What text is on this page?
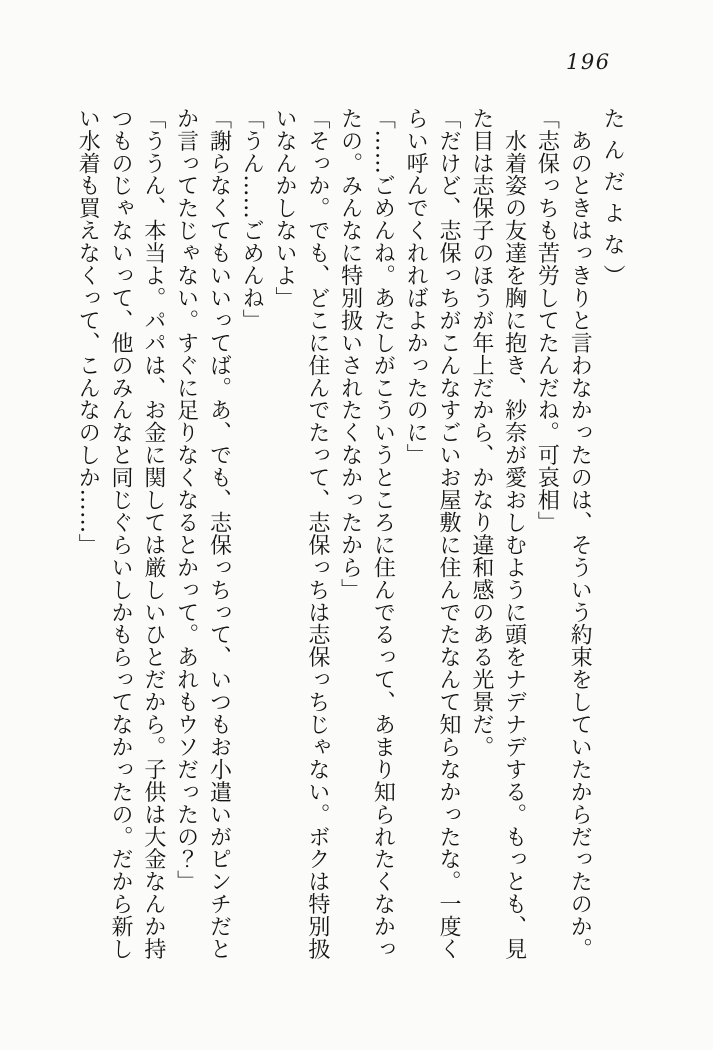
196

たんだよな）

　あのときはっきりと言わなかったのは、そういう約束をしていたからだったのか。

「志保っちも苦労してたんだね。可哀相」

　水着姿の友達を胸に抱き、紗奈が愛おしむように頭をナデナデする。もっとも、見

た目は志保子のほうが年上だから、かなり違和感のある光景だ。

「だけど、志保っちがこんなすごいお屋敷に住んでたなんて知らなかったな。一度く

らい呼んでくれればよかったのに」

「……ごめんね。あたしがこういうところに住んでるって、あまり知られたくなかっ

たの。みんなに特別扱いされたくなかったから」

「そっか。でも、どこに住んでたって、志保っちは志保っちじゃない。ボクは特別扱

いなんかしないよ」

「うん……ごめんね」

「謝らなくてもいいってば。あ、でも、志保っちって、いつもお小遣いがピンチだと

か言ってたじゃない。すぐに足りなくなるとかって。あれもウソだったの？」

「ううん、本当よ。パパは、お金に関しては厳しいひとだから。子供は大金なんか持

つものじゃないって、他のみんなと同じぐらいしかもらってなかったの。だから新し

い水着も買えなくって、こんなのしか……」
